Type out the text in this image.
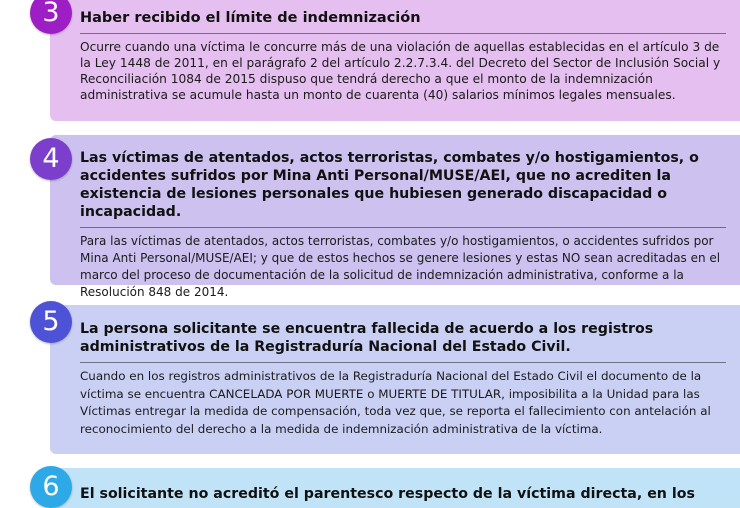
Haber recibido el límite de indemnización

Ocurre cuando una víctima le concurre más de una violación de aquellas establecidas en el artículo 3 de la Ley 1448 de 2011, en el parágrafo 2 del artículo 2.2.7.3.4. del Decreto del Sector de Inclusión Social y Reconciliación 1084 de 2015 dispuso que tendrá derecho a que el monto de la indemnización administrativa se acumule hasta un monto de cuarenta (40) salarios mínimos legales mensuales.

3

Las víctimas de atentados, actos terroristas, combates y/o hostigamientos, o accidentes sufridos por Mina Anti Personal/MUSE/AEI, que no acrediten la existencia de lesiones personales que hubiesen generado discapacidad o incapacidad.

Para las víctimas de atentados, actos terroristas, combates y/o hostigamientos, o accidentes sufridos por Mina Anti Personal/MUSE/AEI; y que de estos hechos se genere lesiones y estas NO sean acreditadas en el marco del proceso de documentación de la solicitud de indemnización administrativa, conforme a la Resolución 848 de 2014.

4

La persona solicitante se encuentra fallecida de acuerdo a los registros administrativos de la Registraduría Nacional del Estado Civil.

Cuando en los registros administrativos de la Registraduría Nacional del Estado Civil el documento de la víctima se encuentra CANCELADA POR MUERTE o MUERTE DE TITULAR, imposibilita a la Unidad para las Víctimas entregar la medida de compensación, toda vez que, se reporta el fallecimiento con antelación al reconocimiento del derecho a la medida de indemnización administrativa de la víctima.

5

El solicitante no acreditó el parentesco respecto de la víctima directa, en los

6
